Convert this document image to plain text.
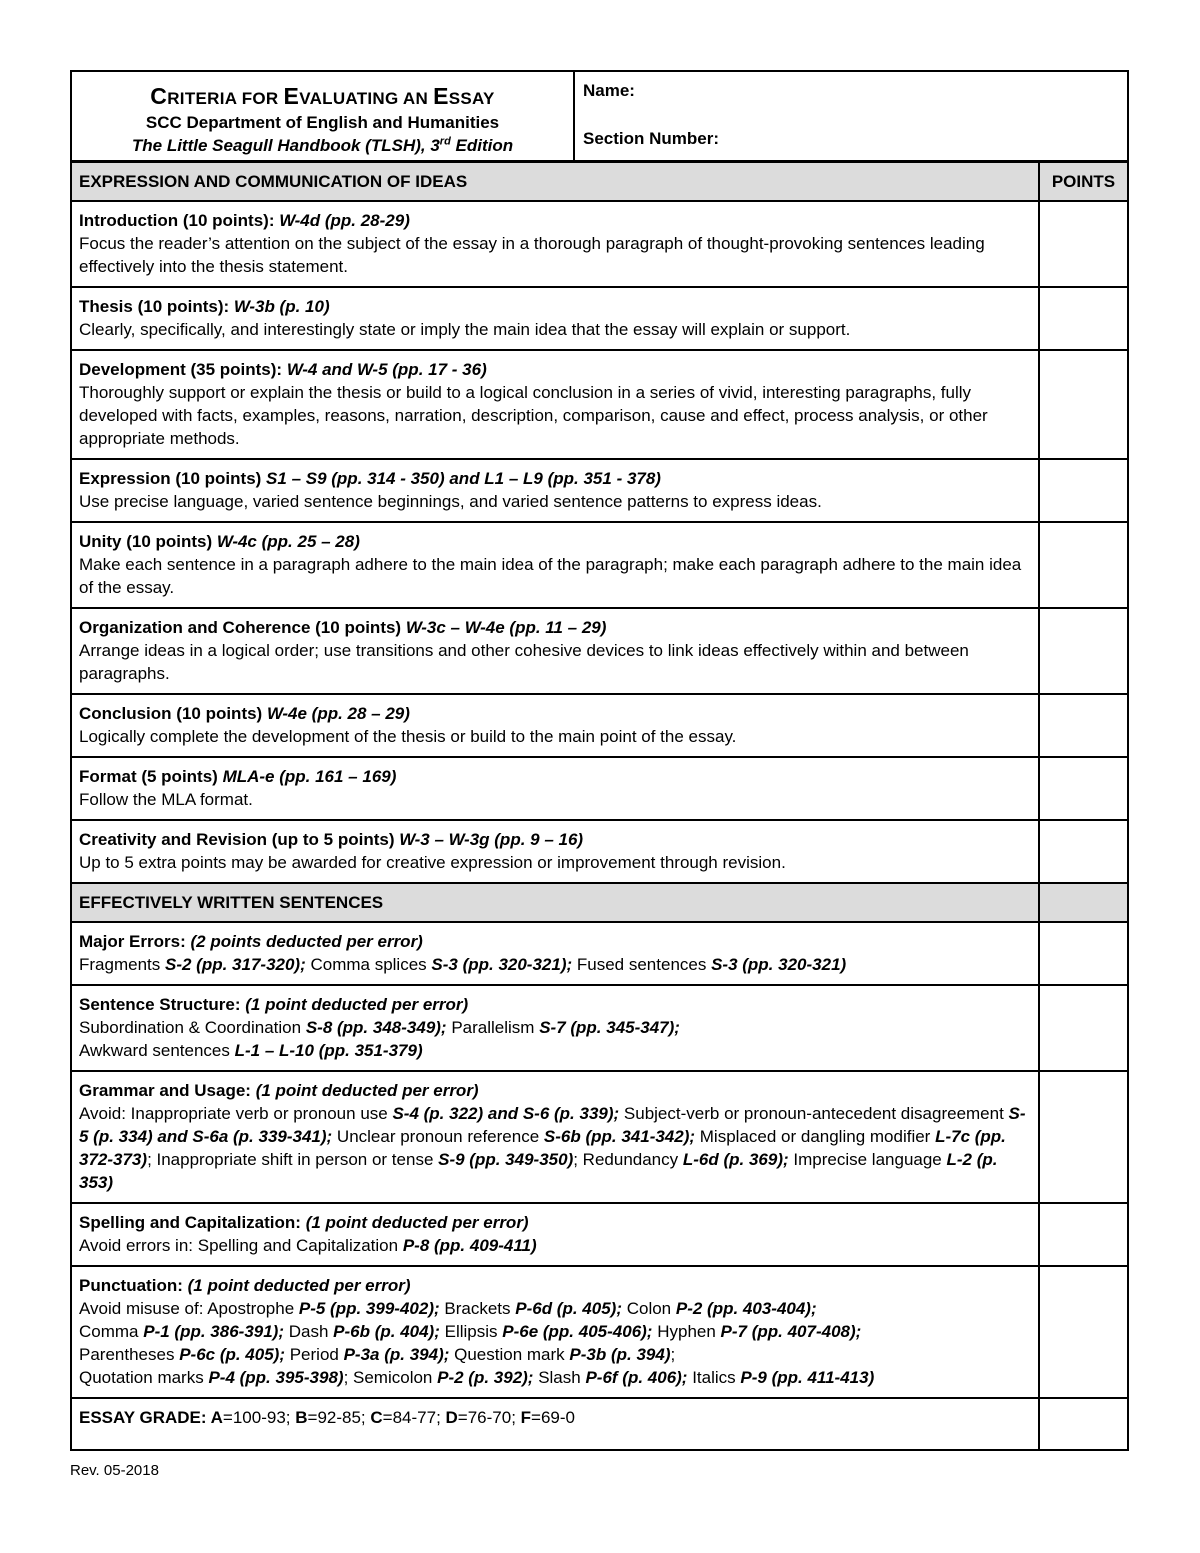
CRITERIA FOR EVALUATING AN ESSAY
SCC Department of English and Humanities
The Little Seagull Handbook (TLSH), 3rd Edition
Name:
Section Number:
EXPRESSION AND COMMUNICATION OF IDEAS	POINTS
Introduction (10 points): W-4d (pp. 28-29)
Focus the reader’s attention on the subject of the essay in a thorough paragraph of thought-provoking sentences leading effectively into the thesis statement.	
Thesis (10 points): W-3b (p. 10)
Clearly, specifically, and interestingly state or imply the main idea that the essay will explain or support.	
Development (35 points): W-4 and W-5 (pp. 17 - 36)
Thoroughly support or explain the thesis or build to a logical conclusion in a series of vivid, interesting paragraphs, fully developed with facts, examples, reasons, narration, description, comparison, cause and effect, process analysis, or other appropriate methods.	
Expression (10 points) S1 – S9 (pp. 314 - 350) and L1 – L9 (pp. 351 - 378)
Use precise language, varied sentence beginnings, and varied sentence patterns to express ideas.	
Unity (10 points) W-4c (pp. 25 – 28)
Make each sentence in a paragraph adhere to the main idea of the paragraph; make each paragraph adhere to the main idea of the essay.	
Organization and Coherence (10 points) W-3c – W-4e (pp. 11 – 29)
Arrange ideas in a logical order; use transitions and other cohesive devices to link ideas effectively within and between paragraphs.	
Conclusion (10 points) W-4e (pp. 28 – 29)
Logically complete the development of the thesis or build to the main point of the essay.	
Format (5 points) MLA-e (pp. 161 – 169)
Follow the MLA format.	
Creativity and Revision (up to 5 points) W-3 – W-3g (pp. 9 – 16)
Up to 5 extra points may be awarded for creative expression or improvement through revision.	
EFFECTIVELY WRITTEN SENTENCES	
Major Errors: (2 points deducted per error)
Fragments S-2 (pp. 317-320); Comma splices S-3 (pp. 320-321); Fused sentences S-3 (pp. 320-321)	
Sentence Structure: (1 point deducted per error)
Subordination & Coordination S-8 (pp. 348-349); Parallelism S-7 (pp. 345-347);
Awkward sentences L-1 – L-10 (pp. 351-379)	
Grammar and Usage: (1 point deducted per error)
Avoid: Inappropriate verb or pronoun use S-4 (p. 322) and S-6 (p. 339); Subject-verb or pronoun-antecedent disagreement S-5 (p. 334) and S-6a (p. 339-341); Unclear pronoun reference S-6b (pp. 341-342); Misplaced or dangling modifier L-7c (pp. 372-373); Inappropriate shift in person or tense S-9 (pp. 349-350); Redundancy L-6d (p. 369); Imprecise language L-2 (p. 353)	
Spelling and Capitalization: (1 point deducted per error)
Avoid errors in: Spelling and Capitalization P-8 (pp. 409-411)	
Punctuation: (1 point deducted per error)
Avoid misuse of: Apostrophe P-5 (pp. 399-402); Brackets P-6d (p. 405); Colon P-2 (pp. 403-404);
Comma P-1 (pp. 386-391); Dash P-6b (p. 404); Ellipsis P-6e (pp. 405-406); Hyphen P-7 (pp. 407-408);
Parentheses P-6c (p. 405); Period P-3a (p. 394); Question mark P-3b (p. 394);
Quotation marks P-4 (pp. 395-398); Semicolon P-2 (p. 392); Slash P-6f (p. 406); Italics P-9 (pp. 411-413)	
ESSAY GRADE: A=100-93; B=92-85; C=84-77; D=76-70; F=69-0	
Rev. 05-2018
